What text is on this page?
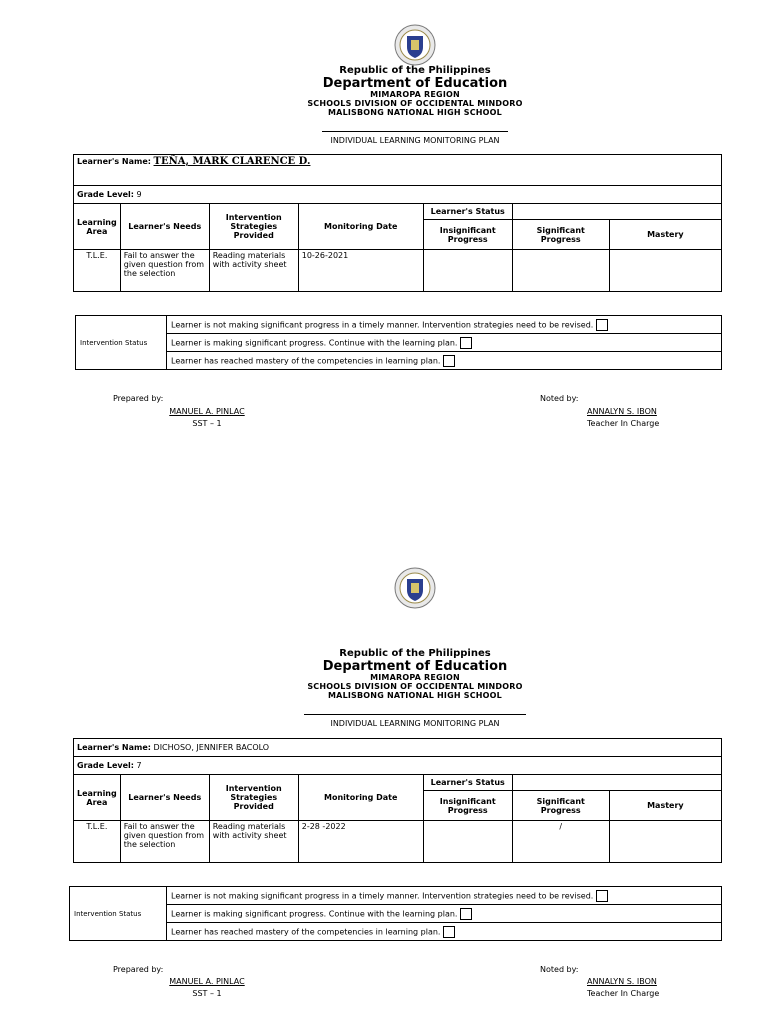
Republic of the Philippines
Department of Education
MIMAROPA REGION
SCHOOLS DIVISION OF OCCIDENTAL MINDORO
MALISBONG NATIONAL HIGH SCHOOL
INDIVIDUAL LEARNING MONITORING PLAN
Learner's Name: TEÑA, MARK CLARENCE D.						
Grade Level: 9						
Learning Area	Learner's Needs	Intervention Strategies Provided	Monitoring Date	Learner's Status		
				Insignificant Progress	Significant Progress	Mastery
T.L.E.	Fail to answer the given question from the selection	Reading materials with activity sheet	10-26-2021			
Intervention Status	Learner is not making significant progress in a timely manner. Intervention strategies need to be revised.
Learner is making significant progress. Continue with the learning plan.
Learner has reached mastery of the competencies in learning plan.
Prepared by:
MANUEL A. PINLAC
SST – 1
Noted by:
ANNALYN S. IBON
Teacher In Charge
Republic of the Philippines
Department of Education
MIMAROPA REGION
SCHOOLS DIVISION OF OCCIDENTAL MINDORO
MALISBONG NATIONAL HIGH SCHOOL
INDIVIDUAL LEARNING MONITORING PLAN
Learner's Name: DICHOSO, JENNIFER BACOLO						
Grade Level: 7						
Learning Area	Learner's Needs	Intervention Strategies Provided	Monitoring Date	Learner's Status		
				Insignificant Progress	Significant Progress	Mastery
T.L.E.	Fail to answer the given question from the selection	Reading materials with activity sheet	2-28 -2022		/	
Intervention Status	Learner is not making significant progress in a timely manner. Intervention strategies need to be revised.
Learner is making significant progress. Continue with the learning plan.
Learner has reached mastery of the competencies in learning plan.
Prepared by:
MANUEL A. PINLAC
SST – 1
Noted by:
ANNALYN S. IBON
Teacher In Charge
